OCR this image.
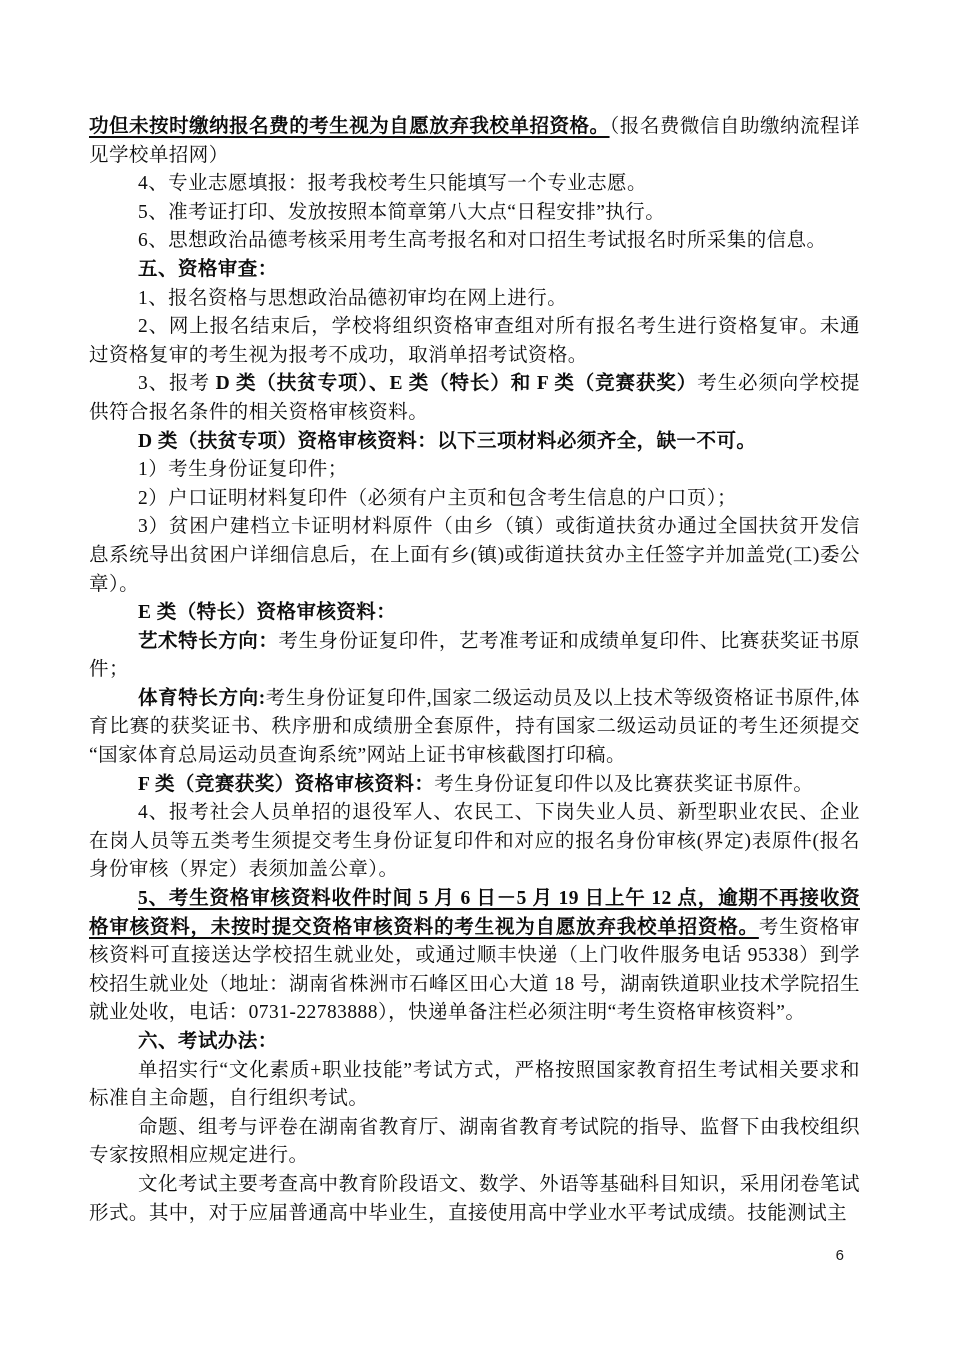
功但未按时缴纳报名费的考生视为自愿放弃我校单招资格。（报名费微信自助缴纳流程详见学校单招网）

4、专业志愿填报：报考我校考生只能填写一个专业志愿。

5、准考证打印、发放按照本简章第八大点“日程安排”执行。

6、思想政治品德考核采用考生高考报名和对口招生考试报名时所采集的信息。

五、资格审查：

1、报名资格与思想政治品德初审均在网上进行。

2、网上报名结束后，学校将组织资格审查组对所有报名考生进行资格复审。未通过资格复审的考生视为报考不成功，取消单招考试资格。

3、报考 D 类（扶贫专项）、E 类（特长）和 F 类（竞赛获奖）考生必须向学校提供符合报名条件的相关资格审核资料。

D 类（扶贫专项）资格审核资料：以下三项材料必须齐全，缺一不可。

1）考生身份证复印件；

2）户口证明材料复印件（必须有户主页和包含考生信息的户口页）；

3）贫困户建档立卡证明材料原件（由乡（镇）或街道扶贫办通过全国扶贫开发信息系统导出贫困户详细信息后，在上面有乡(镇)或街道扶贫办主任签字并加盖党(工)委公章）。

E 类（特长）资格审核资料：

艺术特长方向：考生身份证复印件，艺考准考证和成绩单复印件、比赛获奖证书原件；

体育特长方向:考生身份证复印件,国家二级运动员及以上技术等级资格证书原件,体育比赛的获奖证书、秩序册和成绩册全套原件，持有国家二级运动员证的考生还须提交“国家体育总局运动员查询系统”网站上证书审核截图打印稿。

F 类（竞赛获奖）资格审核资料：考生身份证复印件以及比赛获奖证书原件。

4、报考社会人员单招的退役军人、农民工、下岗失业人员、新型职业农民、企业在岗人员等五类考生须提交考生身份证复印件和对应的报名身份审核(界定)表原件(报名身份审核（界定）表须加盖公章）。

5、考生资格审核资料收件时间 5 月 6 日－5 月 19 日上午 12 点，逾期不再接收资格审核资料，未按时提交资格审核资料的考生视为自愿放弃我校单招资格。考生资格审核资料可直接送达学校招生就业处，或通过顺丰快递（上门收件服务电话 95338）到学校招生就业处（地址：湖南省株洲市石峰区田心大道 18 号，湖南铁道职业技术学院招生就业处收，电话：0731-22783888），快递单备注栏必须注明“考生资格审核资料”。

六、考试办法：

单招实行“文化素质+职业技能”考试方式，严格按照国家教育招生考试相关要求和标准自主命题，自行组织考试。

命题、组考与评卷在湖南省教育厅、湖南省教育考试院的指导、监督下由我校组织专家按照相应规定进行。

文化考试主要考查高中教育阶段语文、数学、外语等基础科目知识，采用闭卷笔试形式。其中，对于应届普通高中毕业生，直接使用高中学业水平考试成绩。技能测试主

6
